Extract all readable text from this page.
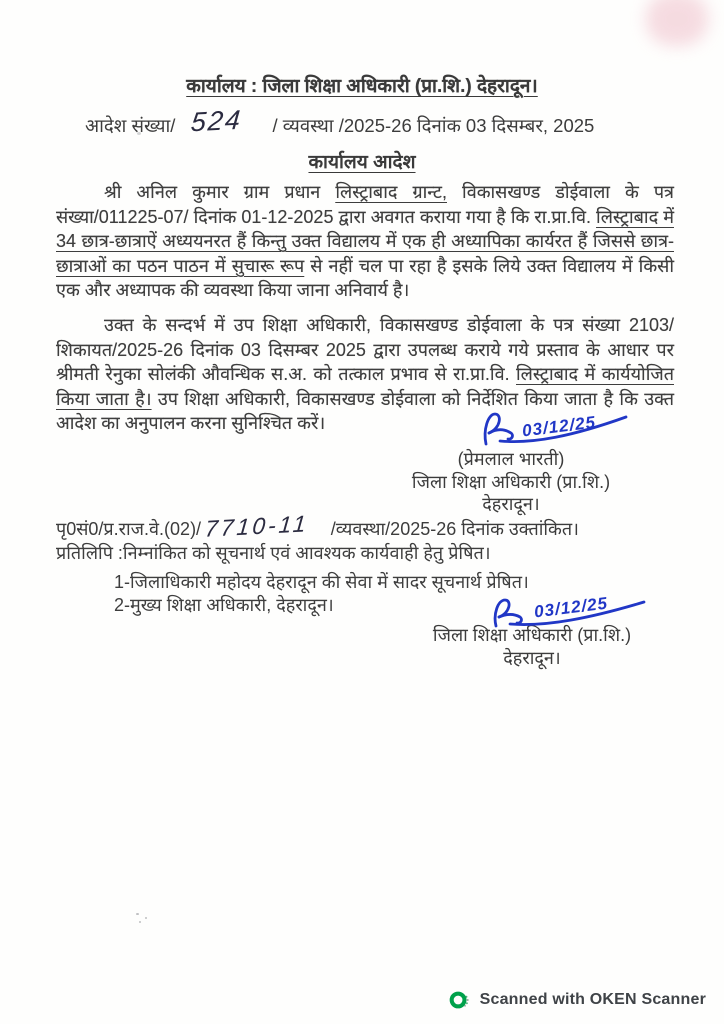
कार्यालय : जिला शिक्षा अधिकारी (प्रा.शि.) देहरादून।
आदेश संख्या/ 524 / व्यवस्था /2025-26 दिनांक 03 दिसम्बर, 2025
कार्यालय आदेश

श्री अनिल कुमार ग्राम प्रधान लिस्ट्राबाद ग्रान्ट, विकासखण्ड डोईवाला के पत्र संख्या/011225-07/ दिनांक 01-12-2025 द्वारा अवगत कराया गया है कि रा.प्रा.वि. लिस्ट्राबाद में 34 छात्र-छात्राऐं अध्ययनरत हैं किन्तु उक्त विद्यालय में एक ही अध्यापिका कार्यरत हैं जिससे छात्र-छात्राओं का पठन पाठन में सुचारू रूप से नहीं चल पा रहा है इसके लिये उक्त विद्यालय में किसी एक और अध्यापक की व्यवस्था किया जाना अनिवार्य है।

उक्त के सन्दर्भ में उप शिक्षा अधिकारी, विकासखण्ड डोईवाला के पत्र संख्या 2103/शिकायत/2025-26 दिनांक 03 दिसम्बर 2025 द्वारा उपलब्ध कराये गये प्रस्ताव के आधार पर श्रीमती रेनुका सोलंकी औवन्धिक स.अ. को तत्काल प्रभाव से रा.प्रा.वि. लिस्ट्राबाद में कार्ययोजित किया जाता है। उप शिक्षा अधिकारी, विकासखण्ड डोईवाला को निर्देशित किया जाता है कि उक्त आदेश का अनुपालन करना सुनिश्चित करें।	03/12/25
(प्रेमलाल भारती)
जिला शिक्षा अधिकारी (प्रा.शि.)
देहरादून।
पृ0सं0/प्र.राज.वे.(02)/ 7710-11 /व्यवस्था/2025-26 दिनांक उक्तांकित।
प्रतिलिपि :निम्नांकित को सूचनार्थ एवं आवश्यक कार्यवाही हेतु प्रेषित।
1-जिलाधिकारी महोदय देहरादून की सेवा में सादर सूचनार्थ प्रेषित।
2-मुख्य शिक्षा अधिकारी, देहरादून।	03/12/25
जिला शिक्षा अधिकारी (प्रा.शि.)
देहरादून।
Scanned with OKEN Scanner
